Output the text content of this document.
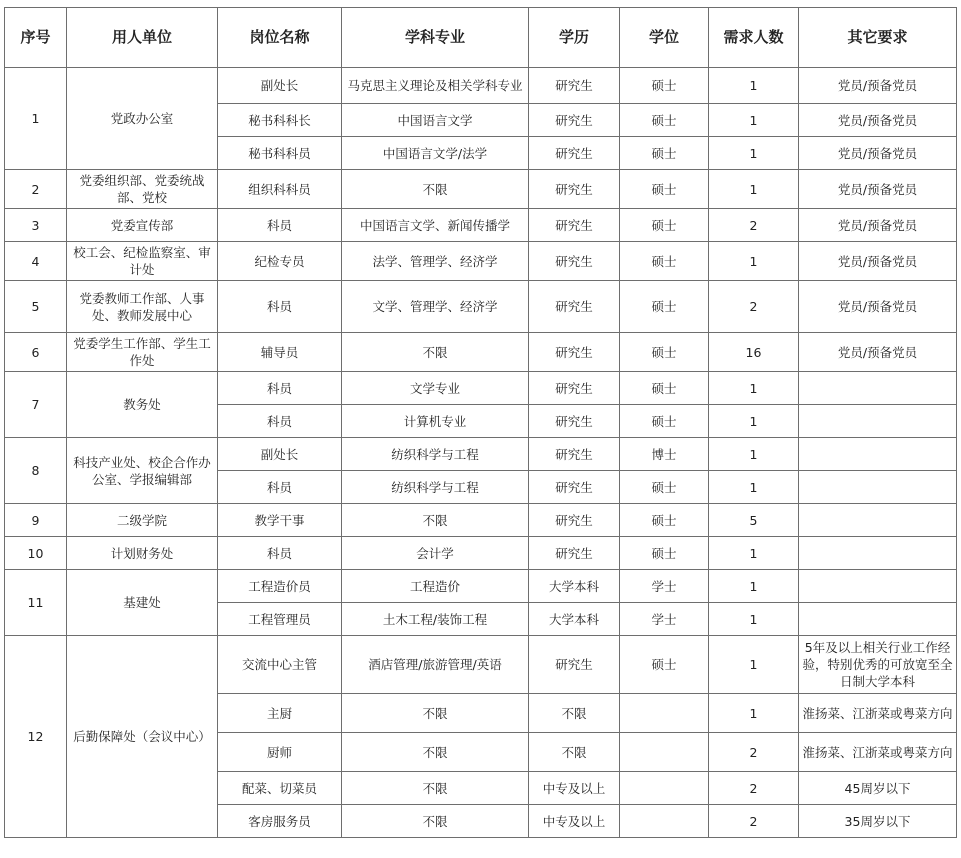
序号	用人单位	岗位名称	学科专业	学历	学位	需求人数	其它要求
1	党政办公室	副处长	马克思主义理论及相关学科专业	研究生	硕士	1	党员/预备党员
		秘书科科长	中国语言文学	研究生	硕士	1	党员/预备党员
		秘书科科员	中国语言文学/法学	研究生	硕士	1	党员/预备党员
2	党委组织部、党委统战部、党校	组织科科员	不限	研究生	硕士	1	党员/预备党员
3	党委宣传部	科员	中国语言文学、新闻传播学	研究生	硕士	2	党员/预备党员
4	校工会、纪检监察室、审计处	纪检专员	法学、管理学、经济学	研究生	硕士	1	党员/预备党员
5	党委教师工作部、人事处、教师发展中心	科员	文学、管理学、经济学	研究生	硕士	2	党员/预备党员
6	党委学生工作部、学生工作处	辅导员	不限	研究生	硕士	16	党员/预备党员
7	教务处	科员	文学专业	研究生	硕士	1	
		科员	计算机专业	研究生	硕士	1	
8	科技产业处、校企合作办公室、学报编辑部	副处长	纺织科学与工程	研究生	博士	1	
		科员	纺织科学与工程	研究生	硕士	1	
9	二级学院	教学干事	不限	研究生	硕士	5	
10	计划财务处	科员	会计学	研究生	硕士	1	
11	基建处	工程造价员	工程造价	大学本科	学士	1	
		工程管理员	土木工程/装饰工程	大学本科	学士	1	
12	后勤保障处（会议中心）	交流中心主管	酒店管理/旅游管理/英语	研究生	硕士	1	5年及以上相关行业工作经验，特别优秀的可放宽至全日制大学本科
		主厨	不限	不限		1	淮扬菜、江浙菜或粤菜方向
		厨师	不限	不限		2	淮扬菜、江浙菜或粤菜方向
		配菜、切菜员	不限	中专及以上		2	45周岁以下
		客房服务员	不限	中专及以上		2	35周岁以下
